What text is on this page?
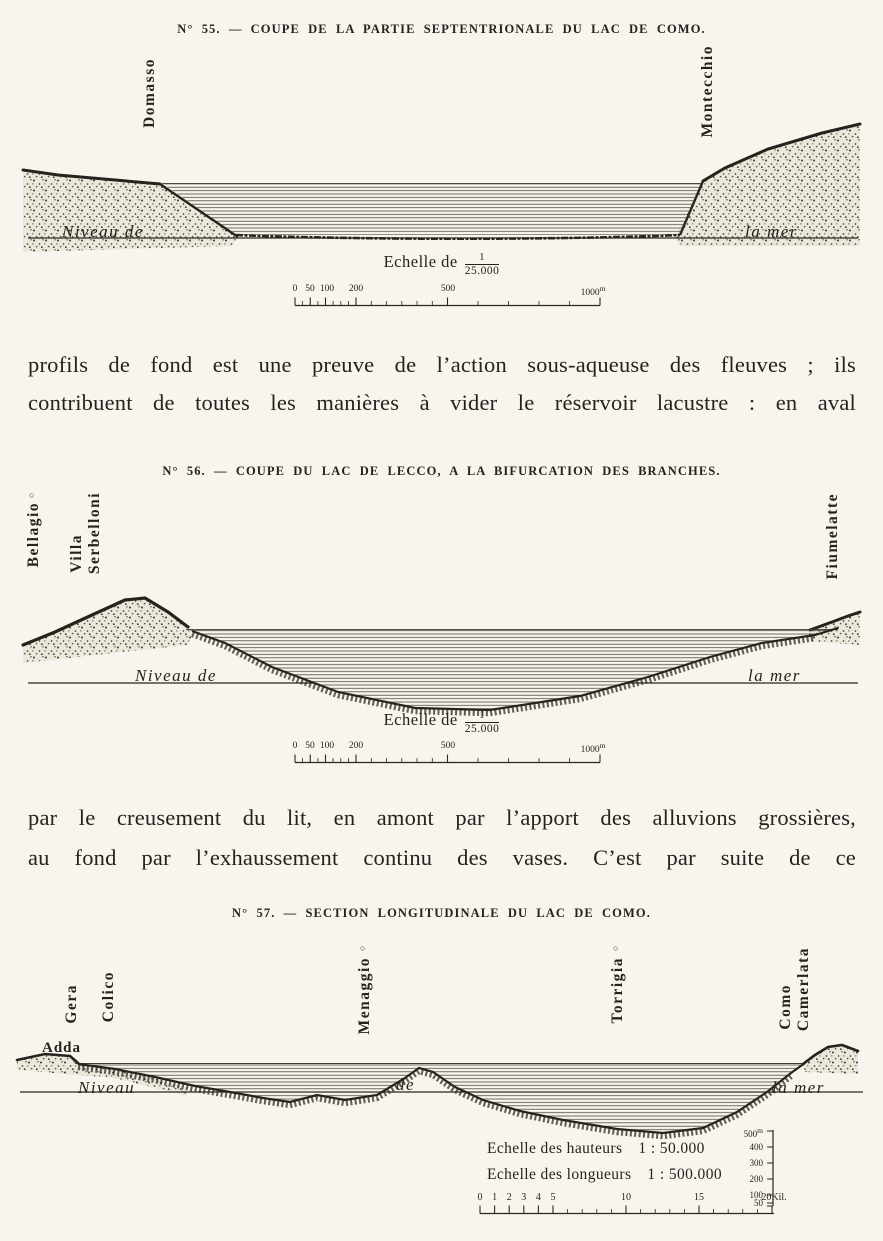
N° 55. — COUPE DE LA PARTIE SEPTENTRIONALE DU LAC DE COMO.
Domasso	Montecchio
Niveau de	la mer
Echelle de $\frac{1}{25.000}$
0 50 100 200	500	1000$^m$
profils de fond est une preuve de l’action sous-aqueuse des fleuves ; ils
contribuent de toutes les manières à vider le réservoir lacustre : en aval
N° 56. — COUPE DU LAC DE LECCO, A LA BIFURCATION DES BRANCHES.
○
Bellagio Villa Serbelloni	Fiumelatte
Niveau de	la mer
Echelle de $\frac{1}{25.000}$
0 50 100 200	500	1000$^m$
par le creusement du lit, en amont par l’apport des alluvions grossières,
au fond par l’exhaussement continu des vases. C’est par suite de ce
N° 57. — SECTION LONGITUDINALE DU LAC DE COMO.
Gera Colico
○
Menaggio
○
Torrigia	Como Camerlata
Adda
Niveau	de	la mer
Echelle des hauteurs 1 : 50.000
Echelle des longueurs 1 : 500.000
500$^m$
400
300
200
100
50
0 1 2 3 4 5	10	15	20Kil.
